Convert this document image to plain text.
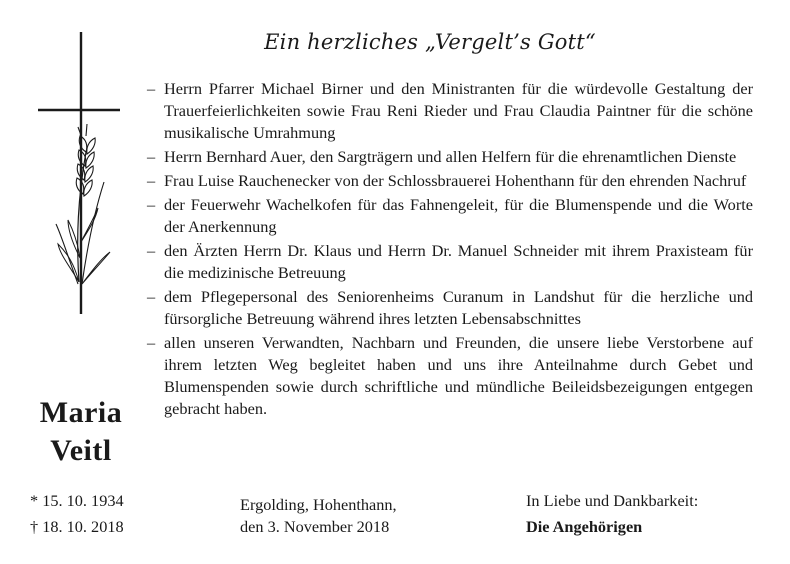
Ein herzliches „Vergelt’s Gott“
– Herrn Pfarrer Michael Birner und den Ministranten für die würdevolle Gestaltung der Trauerfeierlichkeiten sowie Frau Reni Rieder und Frau Claudia Paintner für die schöne musikalische Umrahmung
– Herrn Bernhard Auer, den Sargträgern und allen Helfern für die ehrenamtlichen Dienste
– Frau Luise Rauchenecker von der Schlossbrauerei Hohenthann für den ehrenden Nachruf
– der Feuerwehr Wachelkofen für das Fahnengeleit, für die Blumenspende und die Worte der Anerkennung
– den Ärzten Herrn Dr. Klaus und Herrn Dr. Manuel Schneider mit ihrem Praxisteam für die medizinische Betreuung
– dem Pflegepersonal des Seniorenheims Curanum in Landshut für die herzliche und fürsorgliche Betreuung während ihres letzten Lebensabschnittes
– allen unseren Verwandten, Nachbarn und Freunden, die unsere liebe Verstorbene auf ihrem letzten Weg begleitet haben und uns ihre Anteilnahme durch Gebet und Blumenspenden sowie durch schriftliche und mündliche Beileidsbezeigungen entgegen gebracht haben.
Maria
Veitl
* 15. 10. 1934
† 18. 10. 2018
Ergolding, Hohenthann,
den 3. November 2018
In Liebe und Dankbarkeit:
Die Angehörigen
